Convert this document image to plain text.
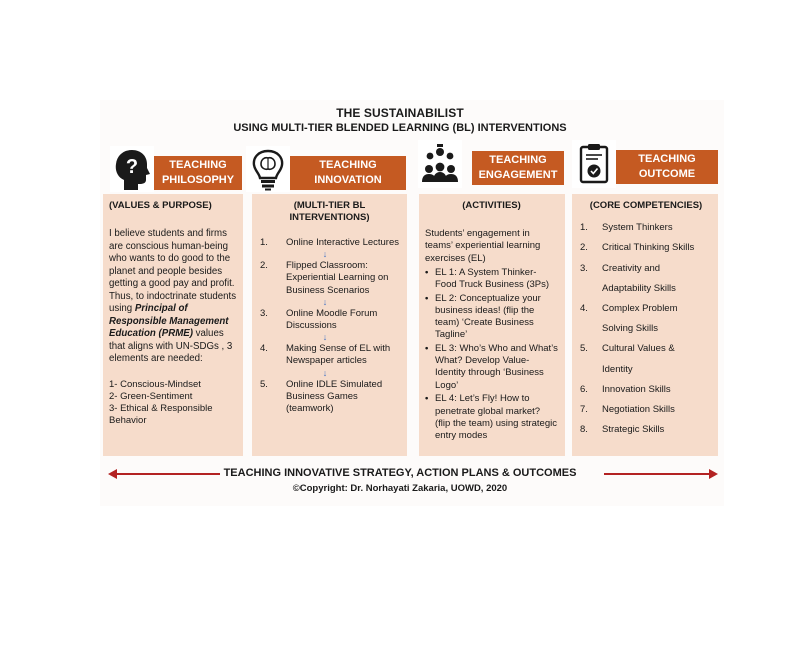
THE SUSTAINABILIST
USING MULTI-TIER BLENDED LEARNING (BL) INTERVENTIONS
?	TEACHING
PHILOSOPHY
(VALUES & PURPOSE)
I believe students and firms are conscious human-being who wants to do good to the planet and people besides getting a good pay and profit. Thus, to indoctrinate students using Principal of Responsible Management Education (PRME) values that aligns with UN-SDGs , 3 elements are needed:
1- Conscious-Mindset
2- Green-Sentiment
3- Ethical & Responsible Behavior
TEACHING
INNOVATION
(MULTI-TIER BL INTERVENTIONS)
1.	Online Interactive Lectures
↓
2.	Flipped Classroom: Experiential Learning on Business Scenarios
↓
3.	Online Moodle Forum Discussions
↓
4.	Making Sense of EL with Newspaper articles
↓
5.	Online IDLE Simulated Business Games (teamwork)
TEACHING
ENGAGEMENT
(ACTIVITIES)
Students’ engagement in teams’ experiential learning exercises (EL)
• EL 1: A System Thinker- Food Truck Business (3Ps)
• EL 2: Conceptualize your business ideas! (flip the team) ‘Create Business Tagline’
• EL 3: Who’s Who and What’s What? Develop Value-Identity through ‘Business Logo’
• EL 4: Let’s Fly! How to penetrate global market? (flip the team) using strategic entry modes
TEACHING
OUTCOME
(CORE COMPETENCIES)
1.	System Thinkers
2.	Critical Thinking Skills
3.	Creativity and Adaptability Skills
4.	Complex Problem Solving Skills
5.	Cultural Values & Identity
6.	Innovation Skills
7.	Negotiation Skills
8.	Strategic Skills
TEACHING INNOVATIVE STRATEGY, ACTION PLANS & OUTCOMES
©Copyright: Dr. Norhayati Zakaria, UOWD, 2020
